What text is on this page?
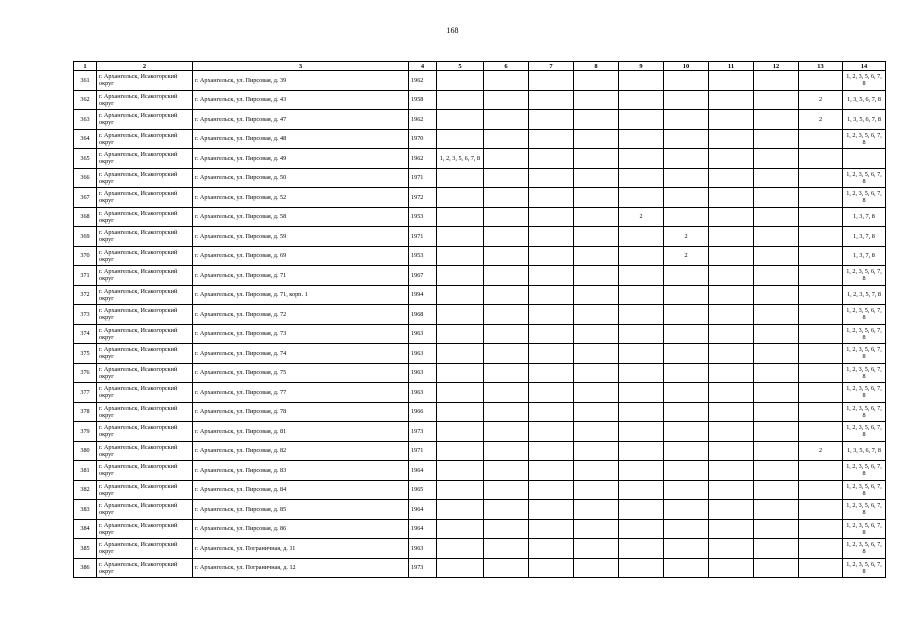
168
1	2	3	4	5	6	7	8	9	10	11	12	13	14
361	г. Архангельск, Исакогорский округ	г. Архангельск, ул. Пирсовая, д. 39	1962										1, 2, 3, 5, 6, 7, 8
362	г. Архангельск, Исакогорский округ	г. Архангельск, ул. Пирсовая, д. 43	1958									2	1, 3, 5, 6, 7, 8
363	г. Архангельск, Исакогорский округ	г. Архангельск, ул. Пирсовая, д. 47	1962									2	1, 3, 5, 6, 7, 8
364	г. Архангельск, Исакогорский округ	г. Архангельск, ул. Пирсовая, д. 48	1970										1, 2, 3, 5, 6, 7, 8
365	г. Архангельск, Исакогорский округ	г. Архангельск, ул. Пирсовая, д. 49	1962	1, 2, 3, 5, 6, 7, 8									
366	г. Архангельск, Исакогорский округ	г. Архангельск, ул. Пирсовая, д. 50	1971										1, 2, 3, 5, 6, 7, 8
367	г. Архангельск, Исакогорский округ	г. Архангельск, ул. Пирсовая, д. 52	1972										1, 2, 3, 5, 6, 7, 8
368	г. Архангельск, Исакогорский округ	г. Архангельск, ул. Пирсовая, д. 58	1953					2					1, 3, 7, 8
369	г. Архангельск, Исакогорский округ	г. Архангельск, ул. Пирсовая, д. 59	1971						2				1, 3, 7, 8
370	г. Архангельск, Исакогорский округ	г. Архангельск, ул. Пирсовая, д. 69	1953						2				1, 3, 7, 8
371	г. Архангельск, Исакогорский округ	г. Архангельск, ул. Пирсовая, д. 71	1967										1, 2, 3, 5, 6, 7, 8
372	г. Архангельск, Исакогорский округ	г. Архангельск, ул. Пирсовая, д. 71, корп. 1	1994										1, 2, 3, 5, 7, 8
373	г. Архангельск, Исакогорский округ	г. Архангельск, ул. Пирсовая, д. 72	1968										1, 2, 3, 5, 6, 7, 8
374	г. Архангельск, Исакогорский округ	г. Архангельск, ул. Пирсовая, д. 73	1963										1, 2, 3, 5, 6, 7, 8
375	г. Архангельск, Исакогорский округ	г. Архангельск, ул. Пирсовая, д. 74	1963										1, 2, 3, 5, 6, 7, 8
376	г. Архангельск, Исакогорский округ	г. Архангельск, ул. Пирсовая, д. 75	1963										1, 2, 3, 5, 6, 7, 8
377	г. Архангельск, Исакогорский округ	г. Архангельск, ул. Пирсовая, д. 77	1963										1, 2, 3, 5, 6, 7, 8
378	г. Архангельск, Исакогорский округ	г. Архангельск, ул. Пирсовая, д. 78	1966										1, 2, 3, 5, 6, 7, 8
379	г. Архангельск, Исакогорский округ	г. Архангельск, ул. Пирсовая, д. 81	1973										1, 2, 3, 5, 6, 7, 8
380	г. Архангельск, Исакогорский округ	г. Архангельск, ул. Пирсовая, д. 82	1971									2	1, 3, 5, 6, 7, 8
381	г. Архангельск, Исакогорский округ	г. Архангельск, ул. Пирсовая, д. 83	1964										1, 2, 3, 5, 6, 7, 8
382	г. Архангельск, Исакогорский округ	г. Архангельск, ул. Пирсовая, д. 84	1965										1, 2, 3, 5, 6, 7, 8
383	г. Архангельск, Исакогорский округ	г. Архангельск, ул. Пирсовая, д. 85	1964										1, 2, 3, 5, 6, 7, 8
384	г. Архангельск, Исакогорский округ	г. Архангельск, ул. Пирсовая, д. 86	1964										1, 2, 3, 5, 6, 7, 8
385	г. Архангельск, Исакогорский округ	г. Архангельск, ул. Пограничная, д. 11	1963										1, 2, 3, 5, 6, 7, 8
386	г. Архангельск, Исакогорский округ	г. Архангельск, ул. Пограничная, д. 12	1973										1, 2, 3, 5, 6, 7, 8
